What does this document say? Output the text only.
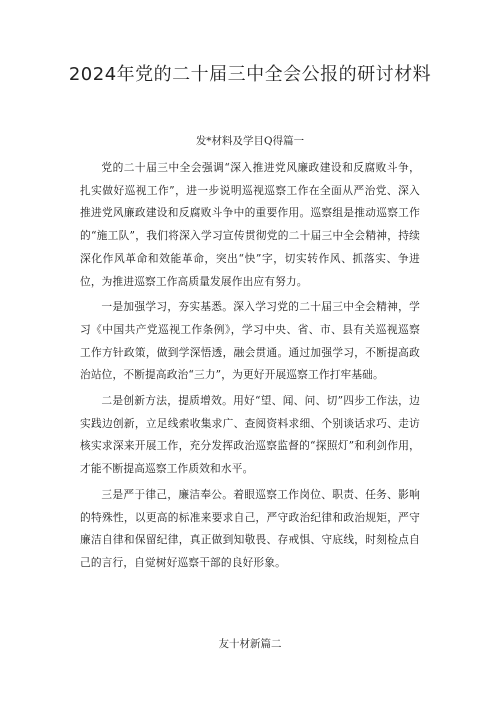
2024年党的二十届三中全会公报的研讨材料

发*材料及学目Q得篇一

党的二十届三中全会强调“深入推进党风廉政建设和反腐败斗争，扎实做好巡视工作”，进一步说明巡视巡察工作在全面从严治党、深入推进党风廉政建设和反腐败斗争中的重要作用。巡察组是推动巡察工作的“施工队”，我们将深入学习宣传贯彻党的二十届三中全会精神，持续深化作风革命和效能革命，突出“快”字，切实转作风、抓落实、争进位，为推进巡察工作高质量发展作出应有努力。

一是加强学习，夯实基悉。深入学习党的二十届三中全会精神，学习《中国共产党巡视工作条例》，学习中央、省、市、县有关巡视巡察工作方针政策，做到学深悟透，融会贯通。通过加强学习，不断提高政治站位，不断提高政治“三力”，为更好开展巡察工作打牢基础。

二是创新方法，提质增效。用好“望、闻、问、切”四步工作法，边实践边创新，立足线索收集求广、查阅资料求细、个别谈话求巧、走访核实求深来开展工作，充分发挥政治巡察监督的“探照灯”和利剑作用，才能不断提高巡察工作质效和水平。

三是严于律己，廉洁奉公。着眼巡察工作岗位、职责、任务、影响的特殊性，以更高的标准来要求自己，严守政治纪律和政治规矩，严守廉洁自律和保留纪律，真正做到知敬畏、存戒惧、守底线，时刻检点自己的言行，自觉树好巡察干部的良好形象。

友十材新篇二
